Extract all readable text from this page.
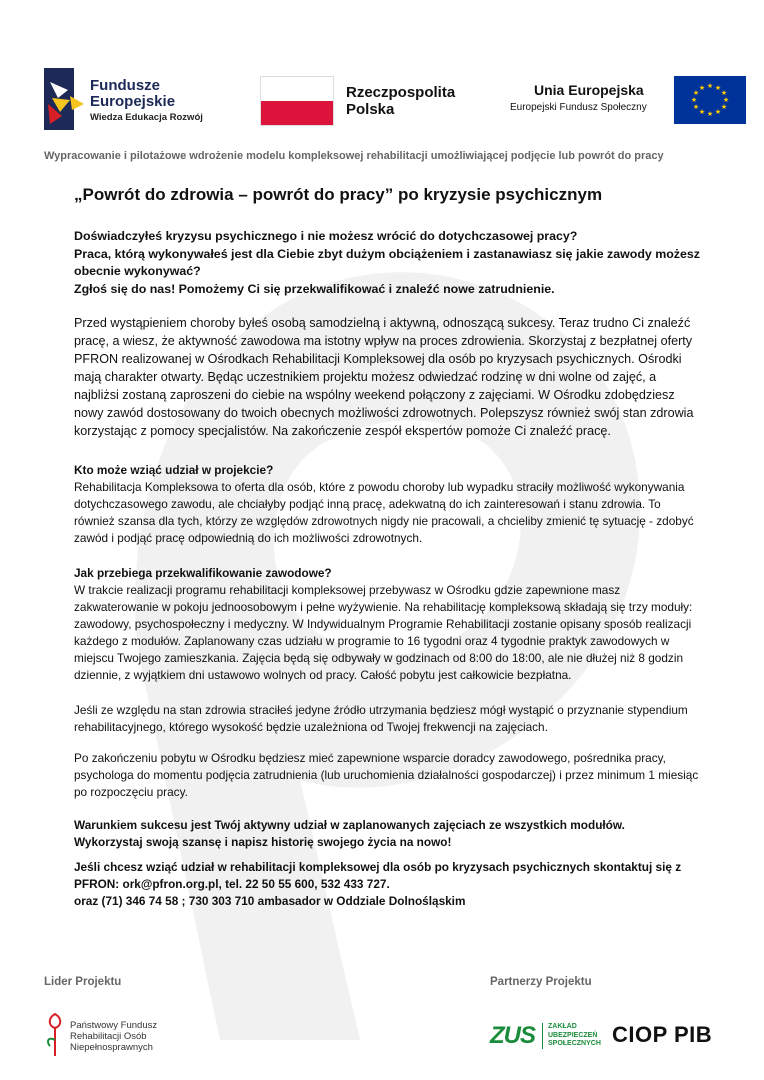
Fundusze
Europejskie
Wiedza Edukacja Rozwój
Rzeczpospolita
Polska
Unia Europejska
Europejski Fundusz Społeczny
★ ★
★
★
★
★
★
★
★
★
★
★
Wypracowanie i pilotażowe wdrożenie modelu kompleksowej rehabilitacji umożliwiającej podjęcie lub powrót do pracy
„Powrót do zdrowia – powrót do pracy” po kryzysie psychicznym

Doświadczyłeś kryzysu psychicznego i nie możesz wrócić do dotychczasowej pracy?
Praca, którą wykonywałeś jest dla Ciebie zbyt dużym obciążeniem i zastanawiasz się jakie zawody możesz obecnie wykonywać?
Zgłoś się do nas! Pomożemy Ci się przekwalifikować i znaleźć nowe zatrudnienie.

Przed wystąpieniem choroby byłeś osobą samodzielną i aktywną, odnoszącą sukcesy. Teraz trudno Ci znaleźć pracę, a wiesz, że aktywność zawodowa ma istotny wpływ na proces zdrowienia. Skorzystaj z bezpłatnej oferty PFRON realizowanej w Ośrodkach Rehabilitacji Kompleksowej dla osób po kryzysach psychicznych. Ośrodki mają charakter otwarty. Będąc uczestnikiem projektu możesz odwiedzać rodzinę w dni wolne od zajęć, a najbliżsi zostaną zaproszeni do ciebie na wspólny weekend połączony z zajęciami. W Ośrodku zdobędziesz nowy zawód dostosowany do twoich obecnych możliwości zdrowotnych. Polepszysz również swój stan zdrowia korzystając z pomocy specjalistów. Na zakończenie zespół ekspertów pomoże Ci znaleźć pracę.

Kto może wziąć udział w projekcie?
Rehabilitacja Kompleksowa to oferta dla osób, które z powodu choroby lub wypadku straciły możliwość wykonywania dotychczasowego zawodu, ale chciałyby podjąć inną pracę, adekwatną do ich zainteresowań i stanu zdrowia. To również szansa dla tych, którzy ze względów zdrowotnych nigdy nie pracowali, a chcieliby zmienić tę sytuację - zdobyć zawód i podjąć pracę odpowiednią do ich możliwości zdrowotnych.
Jak przebiega przekwalifikowanie zawodowe?
W trakcie realizacji programu rehabilitacji kompleksowej przebywasz w Ośrodku gdzie zapewnione masz zakwaterowanie w pokoju jednoosobowym i pełne wyżywienie. Na rehabilitację kompleksową składają się trzy moduły: zawodowy, psychospołeczny i medyczny. W Indywidualnym Programie Rehabilitacji zostanie opisany sposób realizacji każdego z modułów. Zaplanowany czas udziału w programie to 16 tygodni oraz 4 tygodnie praktyk zawodowych w miejscu Twojego zamieszkania. Zajęcia będą się odbywały w godzinach od 8:00 do 18:00, ale nie dłużej niż 8 godzin dziennie, z wyjątkiem dni ustawowo wolnych od pracy. Całość pobytu jest całkowicie bezpłatna.

Jeśli ze względu na stan zdrowia straciłeś jedyne źródło utrzymania będziesz mógł wystąpić o przyznanie stypendium rehabilitacyjnego, którego wysokość będzie uzależniona od Twojej frekwencji na zajęciach.

Po zakończeniu pobytu w Ośrodku będziesz mieć zapewnione wsparcie doradcy zawodowego, pośrednika pracy, psychologa do momentu podjęcia zatrudnienia (lub uruchomienia działalności gospodarczej) i przez minimum 1 miesiąc po rozpoczęciu pracy.

Warunkiem sukcesu jest Twój aktywny udział w zaplanowanych zajęciach ze wszystkich modułów.
Wykorzystaj swoją szansę i napisz historię swojego życia na nowo!

Jeśli chcesz wziąć udział w rehabilitacji kompleksowej dla osób po kryzysach psychicznych skontaktuj się z PFRON: ork@pfron.org.pl, tel. 22 50 55 600, 532 433 727.
oraz (71) 346 74 58 ; 730 303 710 ambasador w Oddziale Dolnośląskim

Lider Projektu	Partnerzy Projektu
Państwowy Fundusz
Rehabilitacji Osób
Niepełnosprawnych	ZUS ZAKŁAD
UBEZPIECZEŃ
SPOŁECZNYCH CIOP PIB
